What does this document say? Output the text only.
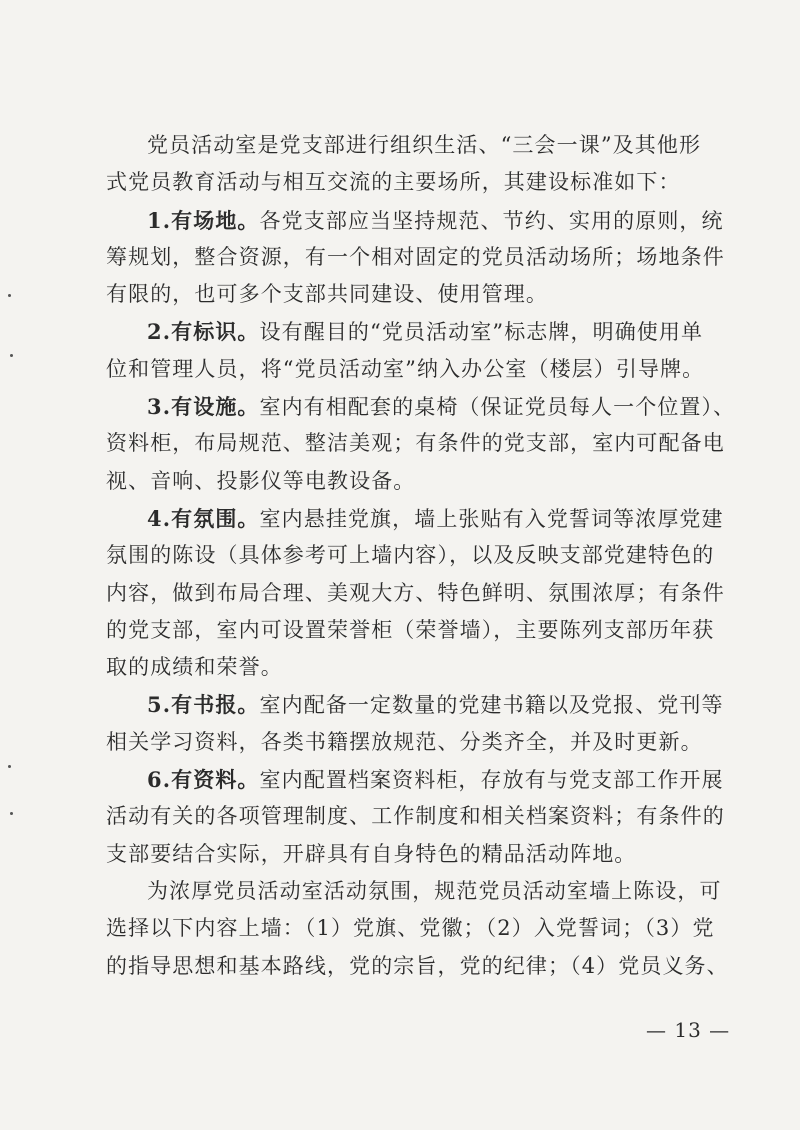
党员活动室是党支部进行组织生活、“三会一课”及其他形
式党员教育活动与相互交流的主要场所，其建设标准如下：
1.有场地。各党支部应当坚持规范、节约、实用的原则，统
筹规划，整合资源，有一个相对固定的党员活动场所；场地条件
有限的，也可多个支部共同建设、使用管理。
2.有标识。设有醒目的“党员活动室”标志牌，明确使用单
位和管理人员，将“党员活动室”纳入办公室（楼层）引导牌。
3.有设施。室内有相配套的桌椅（保证党员每人一个位置）、
资料柜，布局规范、整洁美观；有条件的党支部，室内可配备电
视、音响、投影仪等电教设备。
4.有氛围。室内悬挂党旗，墙上张贴有入党誓词等浓厚党建
氛围的陈设（具体参考可上墙内容），以及反映支部党建特色的
内容，做到布局合理、美观大方、特色鲜明、氛围浓厚；有条件
的党支部，室内可设置荣誉柜（荣誉墙），主要陈列支部历年获
取的成绩和荣誉。
5.有书报。室内配备一定数量的党建书籍以及党报、党刊等
相关学习资料，各类书籍摆放规范、分类齐全，并及时更新。
6.有资料。室内配置档案资料柜，存放有与党支部工作开展
活动有关的各项管理制度、工作制度和相关档案资料；有条件的
支部要结合实际，开辟具有自身特色的精品活动阵地。
为浓厚党员活动室活动氛围，规范党员活动室墙上陈设，可
选择以下内容上墙：（1）党旗、党徽；（2）入党誓词；（3）党
的指导思想和基本路线，党的宗旨，党的纪律；（4）党员义务、
— 13 —
